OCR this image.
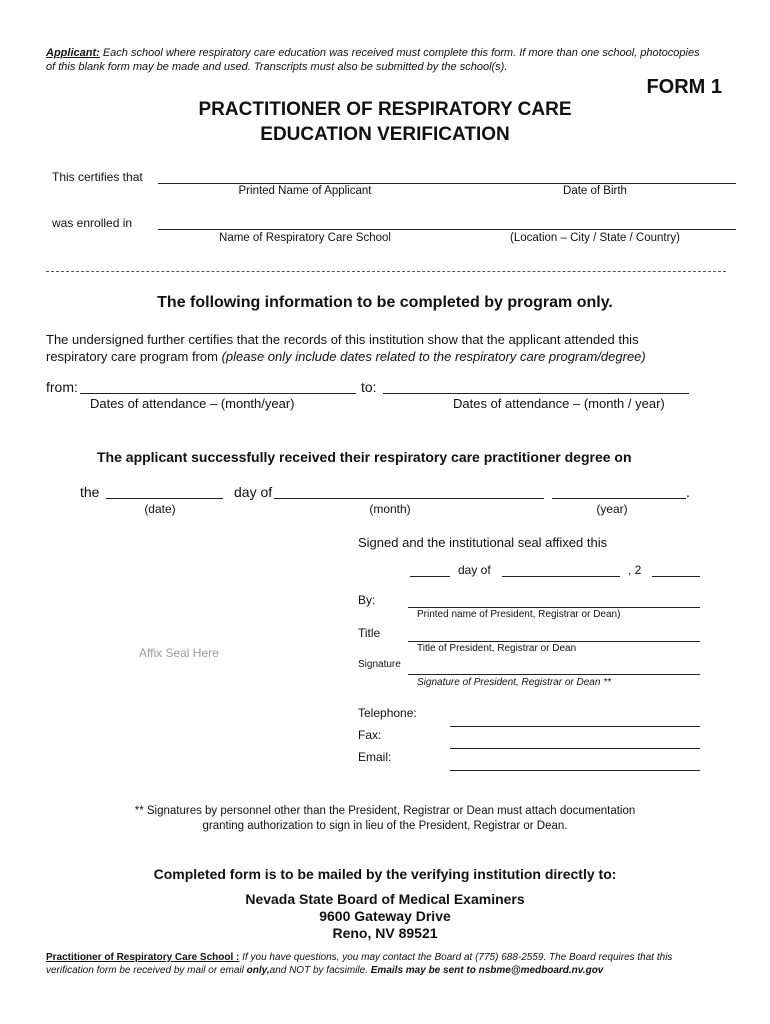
Applicant: Each school where respiratory care education was received must complete this form. If more than one school, photocopies
of this blank form may be made and used. Transcripts must also be submitted by the school(s).
FORM 1
PRACTITIONER OF RESPIRATORY CARE
EDUCATION VERIFICATION
This certifies that
Printed Name of Applicant	Date of Birth
was enrolled in
Name of Respiratory Care School	(Location – City / State / Country)
The following information to be completed by program only.
The undersigned further certifies that the records of this institution show that the applicant attended this
respiratory care program from (please only include dates related to the respiratory care program/degree)
from:	to:
Dates of attendance – (month/year)	Dates of attendance – (month / year)
The applicant successfully received their respiratory care practitioner degree on
the	day of	.
(date)	(month)	(year)
Signed and the institutional seal affixed this
day of	, 2
By:
Printed name of President, Registrar or Dean)
Title
Title of President, Registrar or Dean
Affix Seal Here
Signature
Signature of President, Registrar or Dean **
Telephone:
Fax:
Email:
** Signatures by personnel other than the President, Registrar or Dean must attach documentation
granting authorization to sign in lieu of the President, Registrar or Dean.
Completed form is to be mailed by the verifying institution directly to:
Nevada State Board of Medical Examiners
9600 Gateway Drive
Reno, NV 89521
Practitioner of Respiratory Care School : If you have questions, you may contact the Board at (775) 688-2559. The Board requires that this
verification form be received by mail or email only,and NOT by facsimile. Emails may be sent to nsbme@medboard.nv.gov
